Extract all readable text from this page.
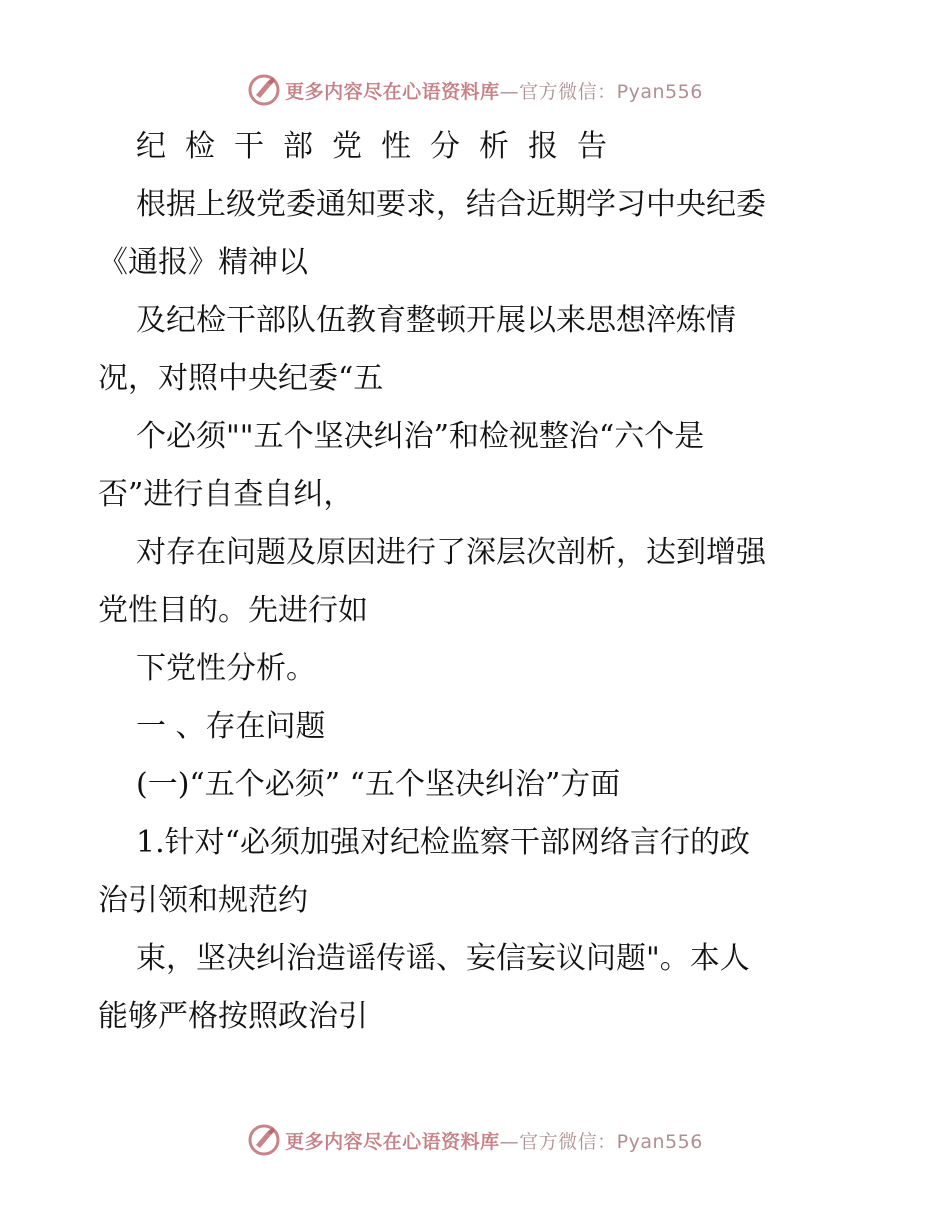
更多内容尽在心语资料库 —官方微信：Pyan556
纪检干部党性分析报告
根据上级党委通知要求，结合近期学习中央纪委
《通报》精神以
及纪检干部队伍教育整顿开展以来思想淬炼情
况，对照中央纪委“五
个必须""五个坚决纠治”和检视整治“六个是
否”进行自查自纠，
对存在问题及原因进行了深层次剖析，达到增强
党性目的。先进行如
下党性分析。
一 、存在问题
(一)“五个必须” “五个坚决纠治”方面
1.针对“必须加强对纪检监察干部网络言行的政
治引领和规范约
束，坚决纠治造谣传谣、妄信妄议问题"。本人
能够严格按照政治引
更多内容尽在心语资料库 —官方微信：Pyan556
